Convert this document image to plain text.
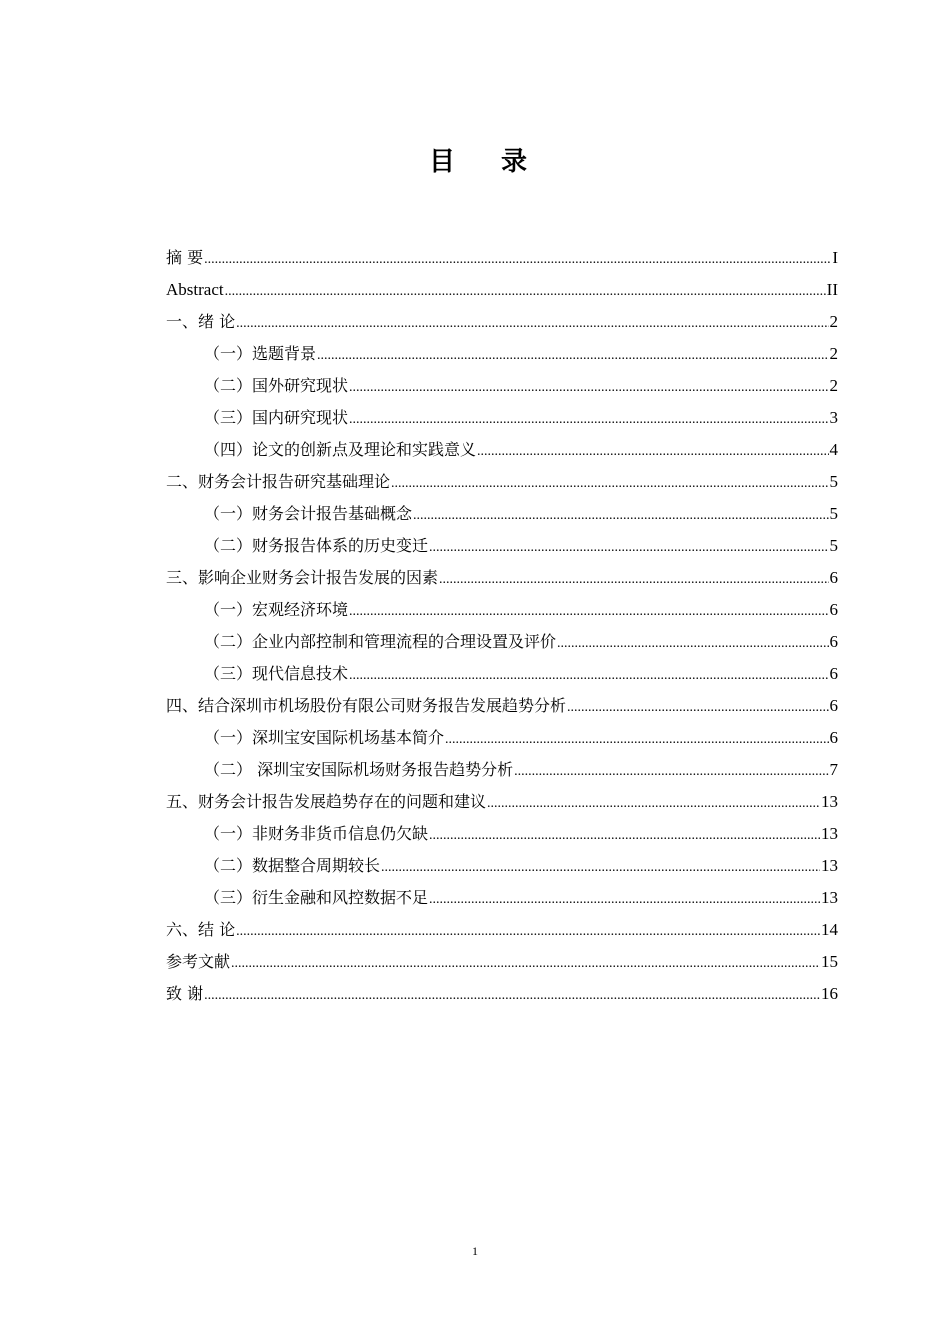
目录
摘 要 .....	I
Abstract .....	II
一、绪 论 .....	2
（一）选题背景 .....	2
（二）国外研究现状 .....	2
（三）国内研究现状 .....	3
（四）论文的创新点及理论和实践意义 .....	4
二、财务会计报告研究基础理论 .....	5
（一）财务会计报告基础概念 .....	5
（二）财务报告体系的历史变迁 .....	5
三、影响企业财务会计报告发展的因素 .....	6
（一）宏观经济环境 .....	6
（二）企业内部控制和管理流程的合理设置及评价 .....	6
（三）现代信息技术 .....	6
四、结合深圳市机场股份有限公司财务报告发展趋势分析 .....	6
（一）深圳宝安国际机场基本简介 .....	6
（二） 深圳宝安国际机场财务报告趋势分析 .....	7
五、财务会计报告发展趋势存在的问题和建议 .....	13
（一）非财务非货币信息仍欠缺 .....	13
（二）数据整合周期较长 .....	13
（三）衍生金融和风控数据不足 .....	13
六、结 论 .....	14
参考文献 .....	15
致 谢 .....	16
1
